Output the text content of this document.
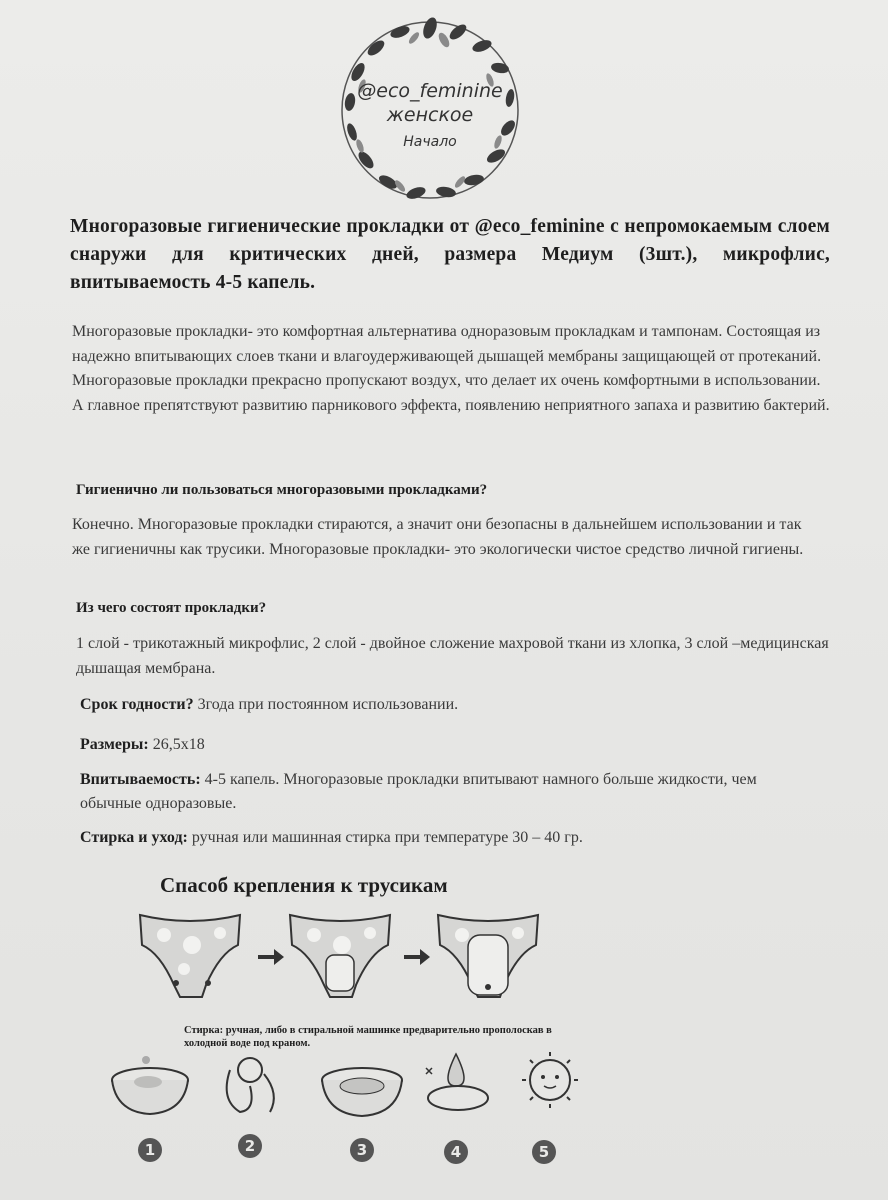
@eco_feminine
женское
Начало
Многоразовые гигиенические прокладки от @eco_feminine с непромокаемым слоем снаружи для критических дней, размера Медиум (3шт.), микрофлис, впитываемость 4-5 капель.

Многоразовые прокладки- это комфортная альтернатива одноразовым прокладкам и тампонам. Состоящая из надежно впитывающих слоев ткани и влагоудерживающей дышащей мембраны защищающей от протеканий. Многоразовые прокладки прекрасно пропускают воздух, что делает их очень комфортными в использовании. А главное препятствуют развитию парникового эффекта, появлению неприятного запаха и развитию бактерий.

Гигиенично ли пользоваться многоразовыми прокладками?

Конечно. Многоразовые прокладки стираются, а значит они безопасны в дальнейшем использовании и так же гигиеничны как трусики. Многоразовые прокладки- это экологически чистое средство личной гигиены.

Из чего состоят прокладки?

1 слой - трикотажный микрофлис, 2 слой - двойное сложение махровой ткани из хлопка, 3 слой –медицинская дышащая мембрана.

Срок годности? 3года при постоянном использовании.

Размеры: 26,5х18

Впитываемость: 4-5 капель. Многоразовые прокладки впитывают намного больше жидкости, чем обычные одноразовые.

Стирка и уход: ручная или машинная стирка при температуре 30 – 40 гр.

Спасоб крепления к трусикам

Стирка: ручная, либо в стиральной машинке предварительно прополоскав в холодной воде под краном.

1	2	3	4	5
